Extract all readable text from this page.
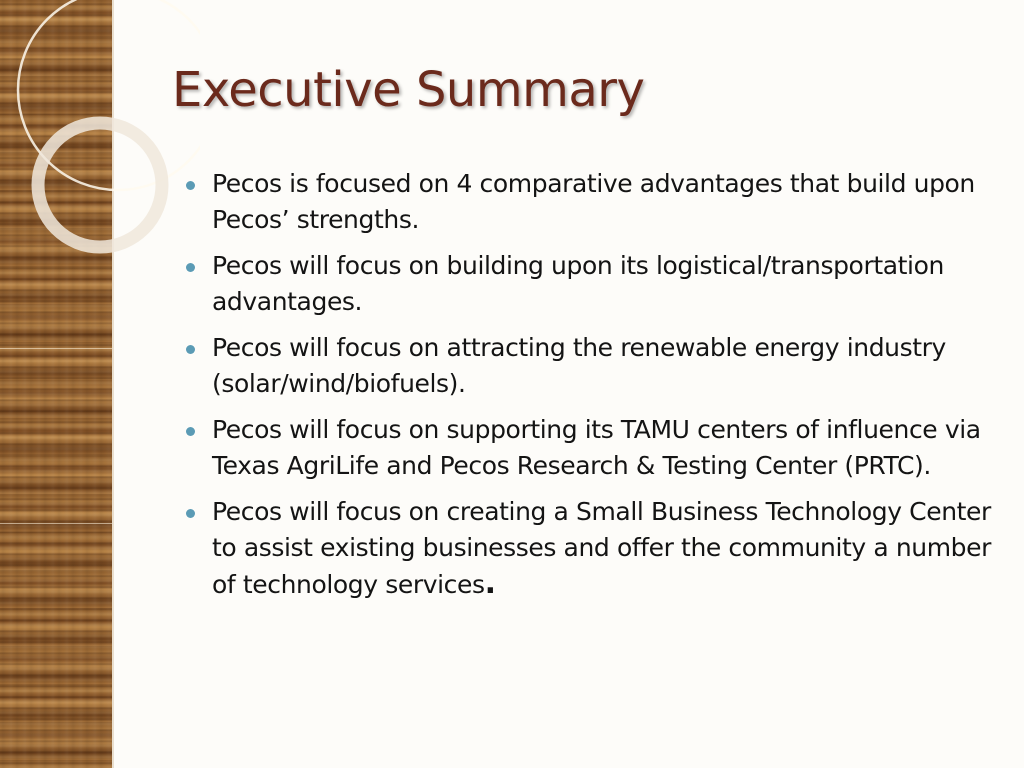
Executive Summary
Pecos is focused on 4 comparative advantages that build upon Pecos’ strengths.
Pecos will focus on building upon its logistical/transportation advantages.
Pecos will focus on attracting the renewable energy industry (solar/wind/biofuels).
Pecos will focus on supporting its TAMU centers of influence via Texas AgriLife and Pecos Research & Testing Center (PRTC).
Pecos will focus on creating a Small Business Technology Center to assist existing businesses and offer the community a number of technology services.
